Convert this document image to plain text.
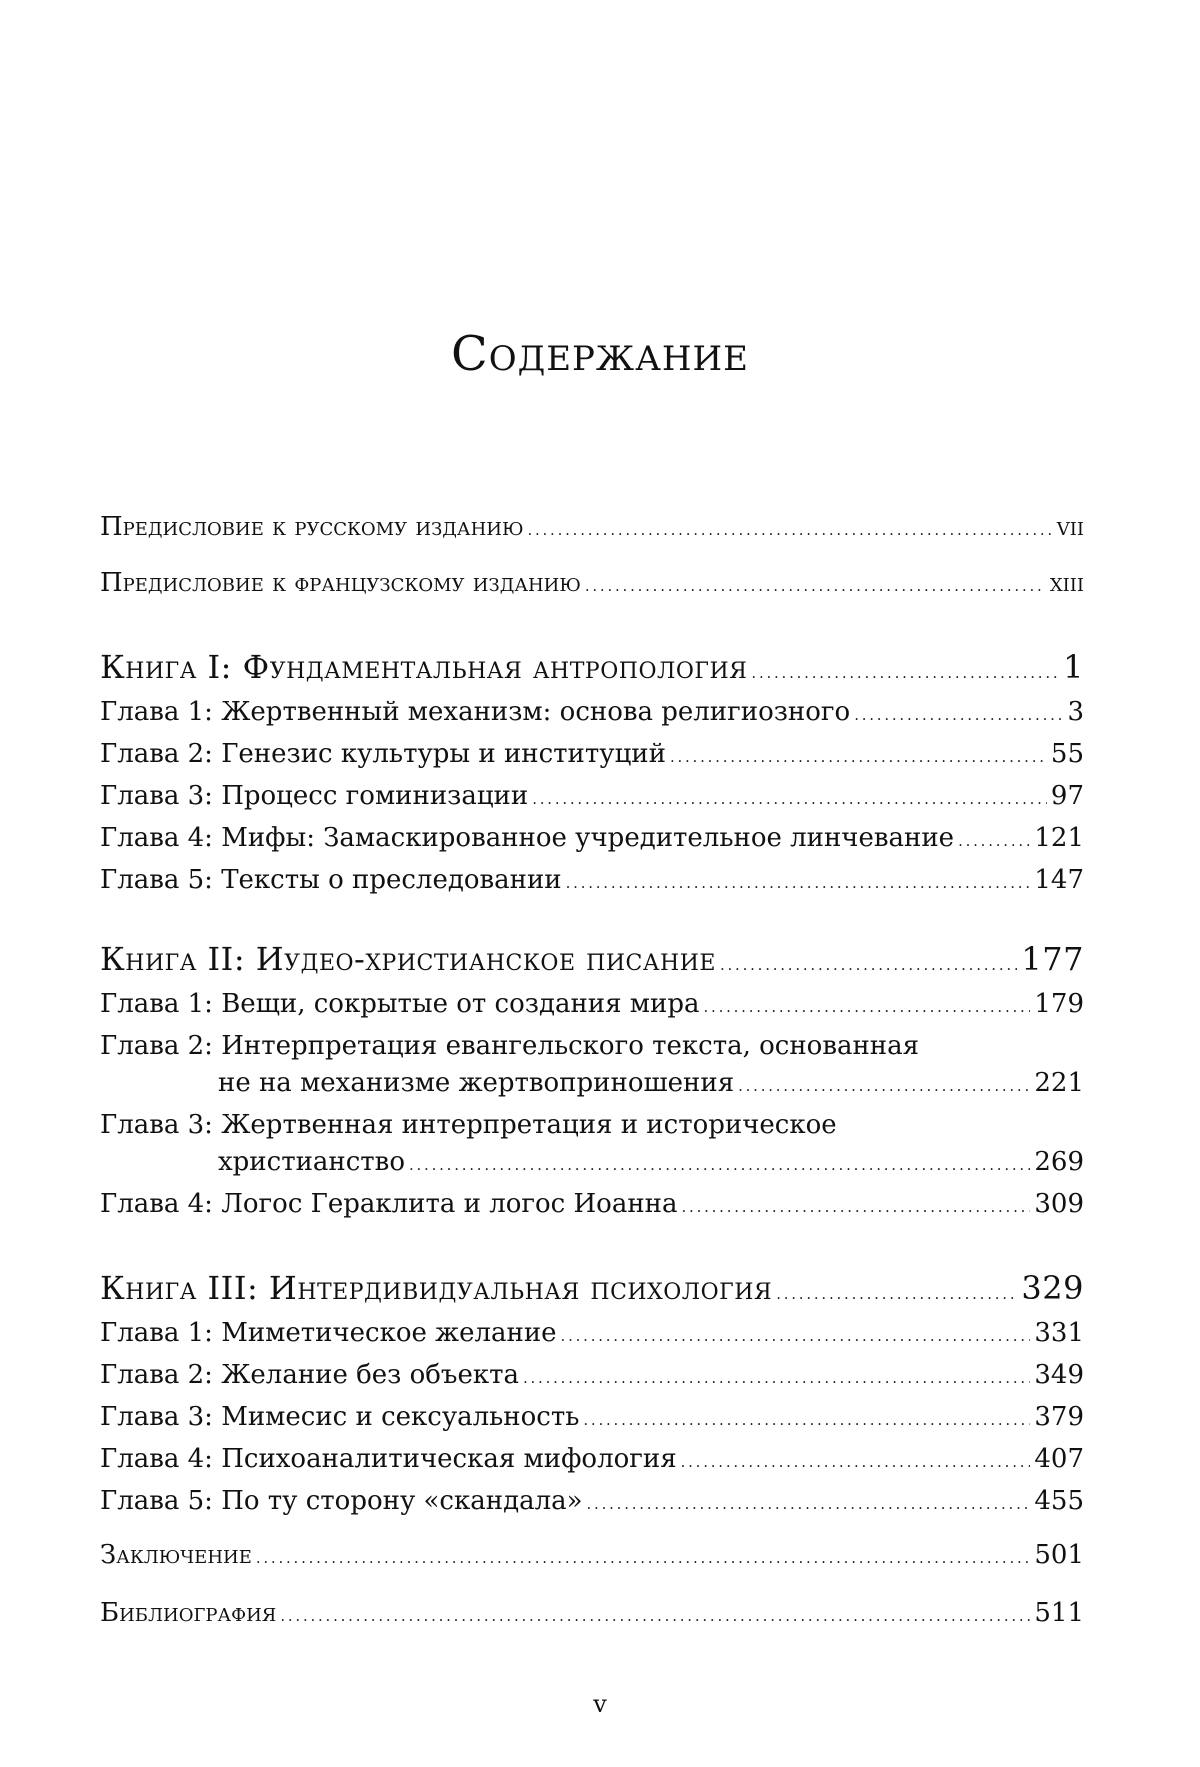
Содержание
Предисловие к русскому изданию . . .	vii
Предисловие к французскому изданию . . .	xiii
Книга I: Фундаментальная антропология . . .	1
Глава 1: Жертвенный механизм: основа религиозного . . .	3
Глава 2: Генезис культуры и институций . . .	55
Глава 3: Процесс гоминизации . . .	97
Глава 4: Мифы: Замаскированное учредительное линчевание . . .	121
Глава 5: Тексты о преследовании . . .	147
Книга II: Иудео-христианское писание . . .	177
Глава 1: Вещи, сокрытые от создания мира . . .	179
Глава 2: Интерпретация евангельского текста, основанная
не на механизме жертвоприношения . . .	221
Глава 3: Жертвенная интерпретация и историческое
христианство . . .	269
Глава 4: Логос Гераклита и логос Иоанна . . .	309
Книга III: Интердивидуальная психология . . .	329
Глава 1: Миметическое желание . . .	331
Глава 2: Желание без объекта . . .	349
Глава 3: Мимесис и сексуальность . . .	379
Глава 4: Психоаналитическая мифология . . .	407
Глава 5: По ту сторону «скандала» . . .	455
Заключение . . .	501
Библиография . . .	511
v
